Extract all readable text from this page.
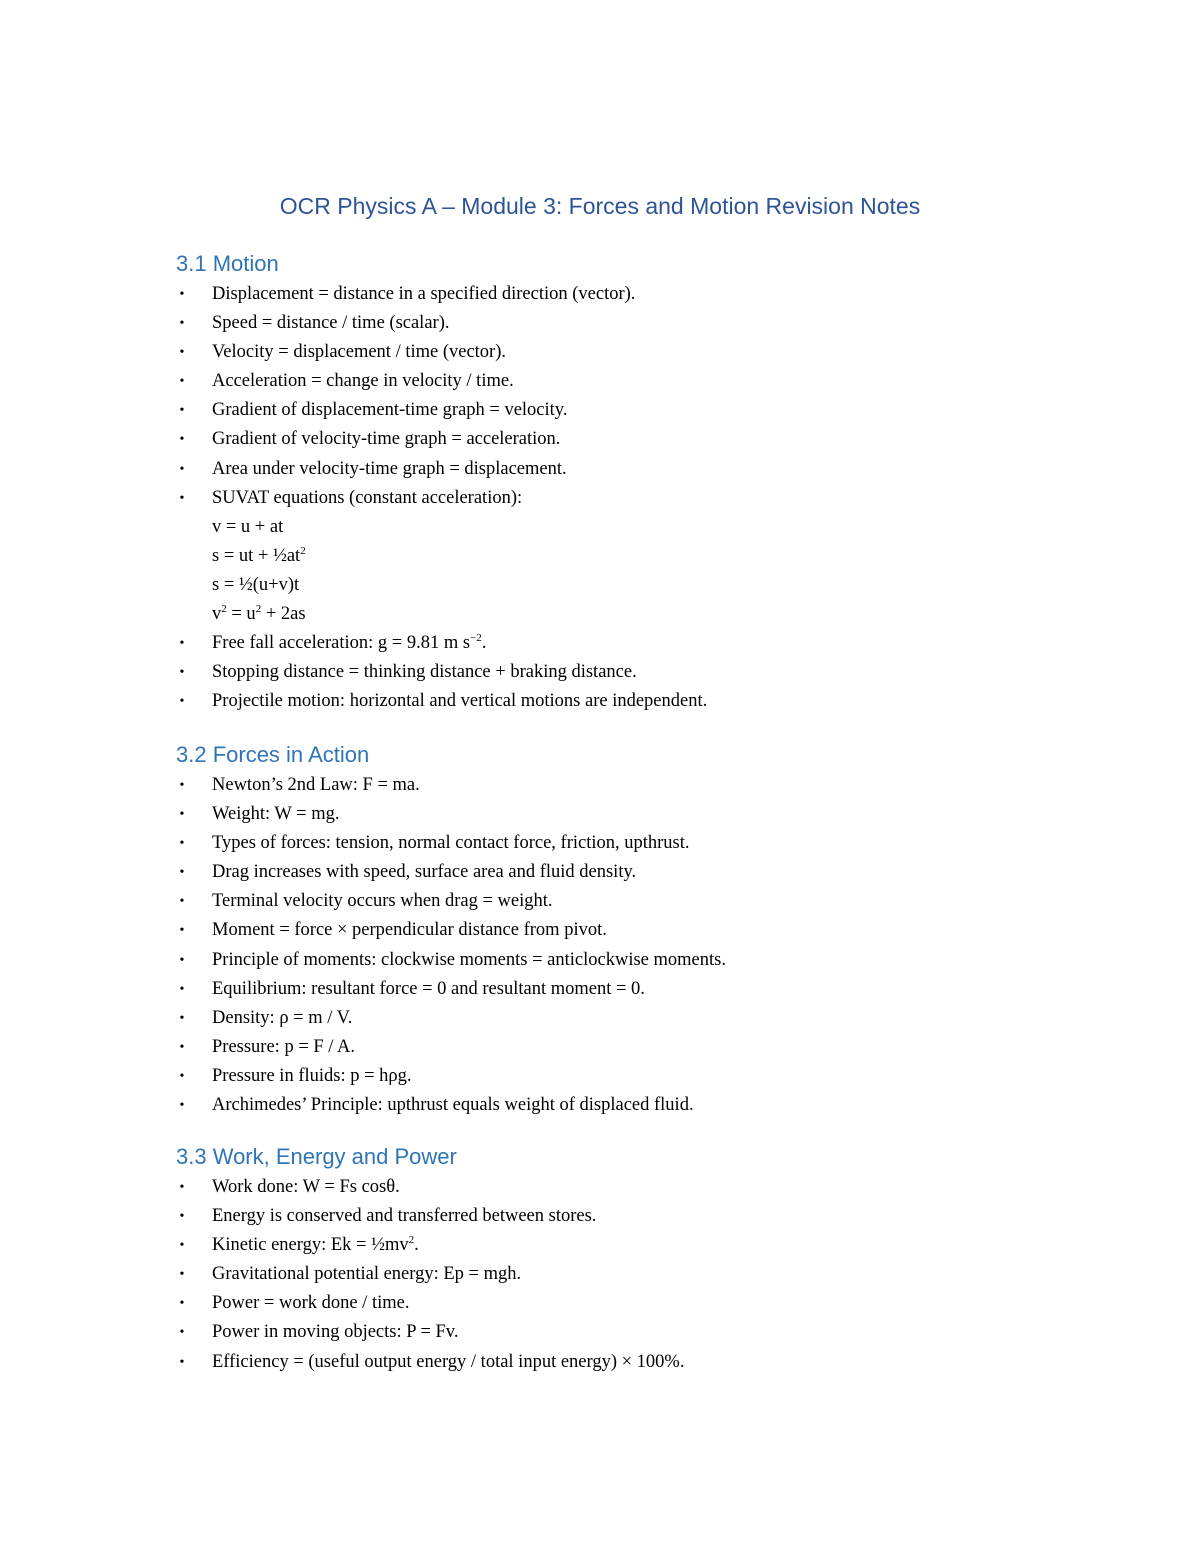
OCR Physics A – Module 3: Forces and Motion Revision Notes
3.1 Motion
• Displacement = distance in a specified direction (vector).
• Speed = distance / time (scalar).
• Velocity = displacement / time (vector).
• Acceleration = change in velocity / time.
• Gradient of displacement-time graph = velocity.
• Gradient of velocity-time graph = acceleration.
• Area under velocity-time graph = displacement.
• SUVAT equations (constant acceleration):
v = u + at
s = ut + $\frac{1}{2}at^2$
s = ½(u+v)t
$v^2 = u^2 + 2as$
• Free fall acceleration: g = 9.81 m $s^{-2}$.
• Stopping distance = thinking distance + braking distance.
• Projectile motion: horizontal and vertical motions are independent.
3.2 Forces in Action
• Newton’s 2nd Law: F = ma.
• Weight: W = mg.
• Types of forces: tension, normal contact force, friction, upthrust.
• Drag increases with speed, surface area and fluid density.
• Terminal velocity occurs when drag = weight.
• Moment = force × perpendicular distance from pivot.
• Principle of moments: clockwise moments = anticlockwise moments.
• Equilibrium: resultant force = 0 and resultant moment = 0.
• Density: ρ = m / V.
• Pressure: p = F / A.
• Pressure in fluids: p = hρg.
• Archimedes’ Principle: upthrust equals weight of displaced fluid.
3.3 Work, Energy and Power
• Work done: W = Fs cosθ.
• Energy is conserved and transferred between stores.
• Kinetic energy: $Ek = \frac{1}{2}mv^2$.
• Gravitational potential energy: Ep = mgh.
• Power = work done / time.
• Power in moving objects: P = Fv.
• Efficiency = (useful output energy / total input energy) × 100%.
